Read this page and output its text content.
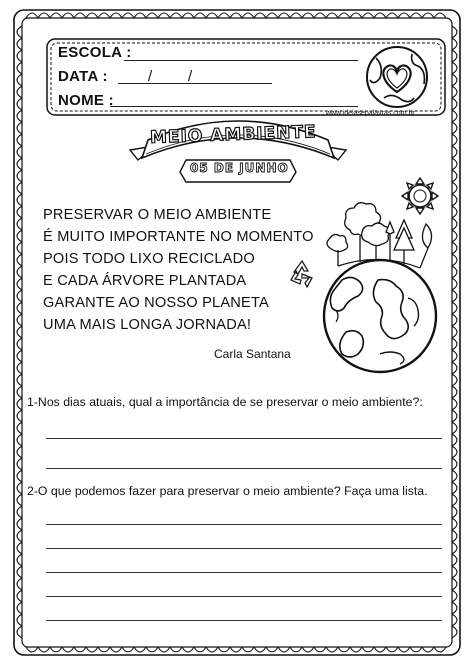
ESCOLA :
DATA :	/ /
NOME :
www.ideiasepalavras.com.br
MEIO AMBIENTE
05 DE JUNHO
PRESERVAR O MEIO AMBIENTE
É MUITO IMPORTANTE NO MOMENTO
POIS TODO LIXO RECICLADO
E CADA ÁRVORE PLANTADA
GARANTE AO NOSSO PLANETA
UMA MAIS LONGA JORNADA!
Carla Santana
1-Nos dias atuais, qual a importância de se preservar o meio ambiente?:
2-O que podemos fazer para preservar o meio ambiente? Faça uma lista.
